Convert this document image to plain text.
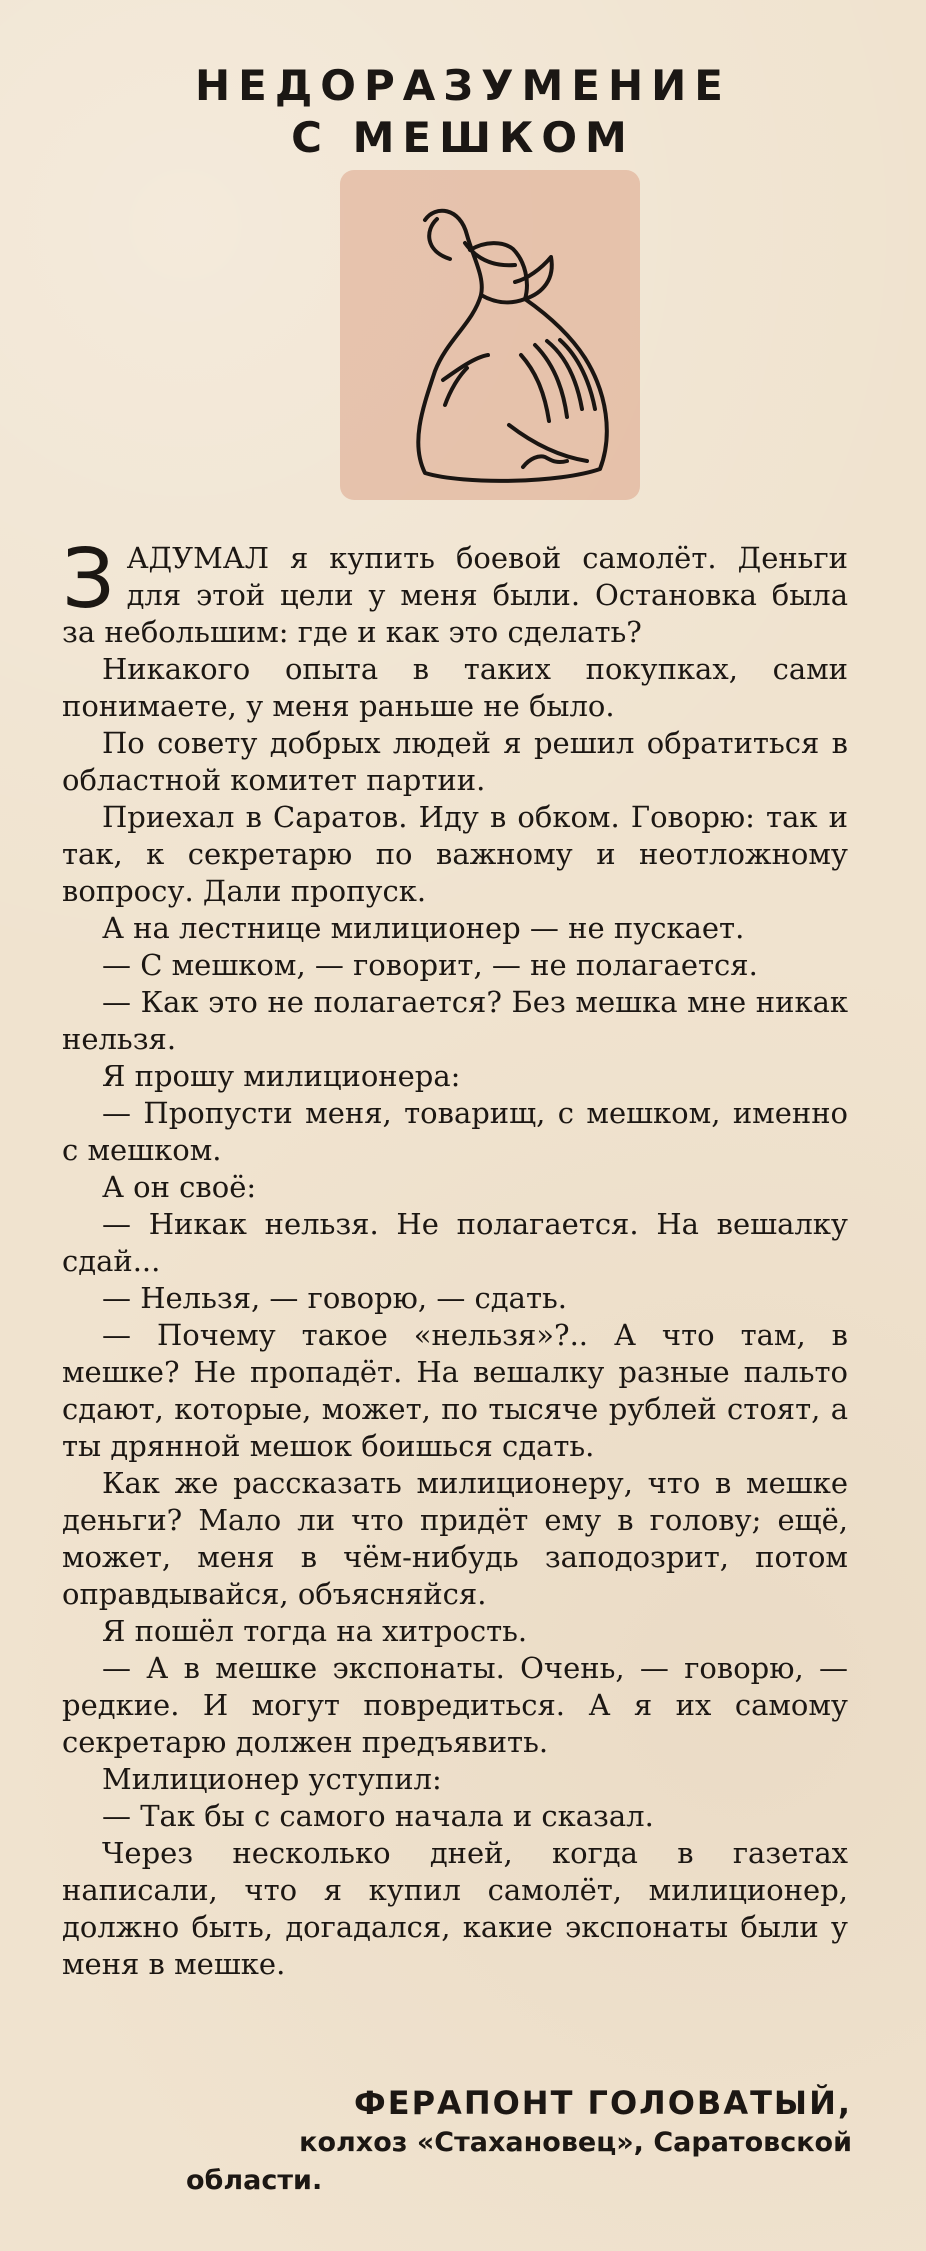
НЕДОРАЗУМЕНИЕ
С МЕШКОМ

З АДУМАЛ я купить боевой самолёт. Деньги для этой цели у меня были. Остановка была за небольшим: где и как это сделать?

Никакого опыта в таких покупках, сами понимаете, у меня раньше не было.

По совету добрых людей я решил обратиться в областной комитет партии.

Приехал в Саратов. Иду в обком. Говорю: так и так, к секретарю по важному и неотложному вопросу. Дали пропуск.

А на лестнице милиционер — не пускает.

— С мешком, — говорит, — не полагается.

— Как это не полагается? Без мешка мне никак нельзя.

Я прошу милиционера:

— Пропусти меня, товарищ, с мешком, именно с мешком.

А он своё:

— Никак нельзя. Не полагается. На вешалку сдай...

— Нельзя, — говорю, — сдать.

— Почему такое «нельзя»?.. А что там, в мешке? Не пропадёт. На вешалку разные пальто сдают, которые, может, по тысяче рублей стоят, а ты дрянной мешок боишься сдать.

Как же рассказать милиционеру, что в мешке деньги? Мало ли что придёт ему в голову; ещё, может, меня в чём-нибудь заподозрит, потом оправдывайся, объясняйся.

Я пошёл тогда на хитрость.

— А в мешке экспонаты. Очень, — говорю, — редкие. И могут повредиться. А я их самому секретарю должен предъявить.

Милиционер уступил:

— Так бы с самого начала и сказал.

Через несколько дней, когда в газетах написали, что я купил самолёт, милиционер, должно быть, догадался, какие экспонаты были у меня в мешке.

ФЕРАПОНТ ГОЛОВАТЫЙ,
колхоз «Стахановец», Саратовской
области.
